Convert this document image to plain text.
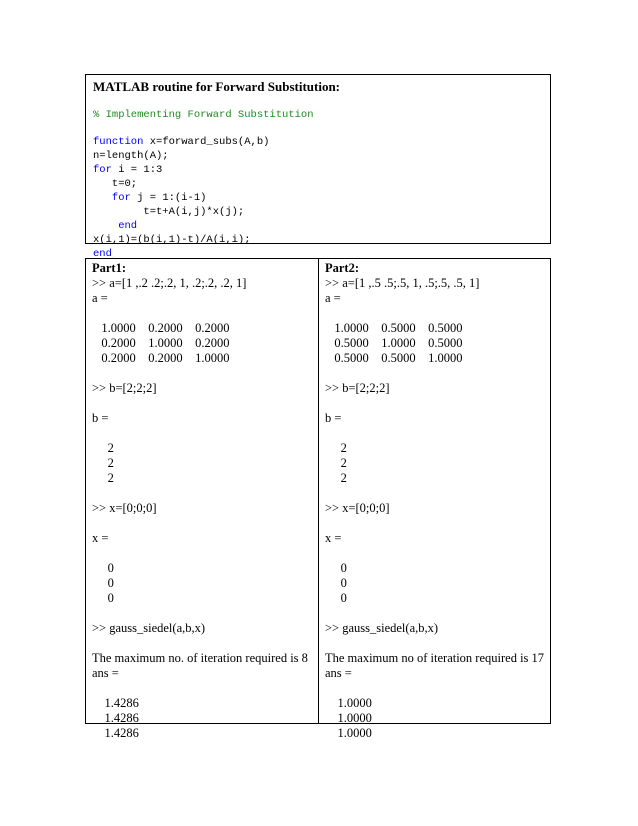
MATLAB routine for Forward Substitution:

% Implementing Forward Substitution
function x=forward_subs(A,b)
n=length(A);
for i = 1:3
t=0;
for j = 1:(i-1)
t=t+A(i,j)*x(j);
end
x(i,1)=(b(i,1)-t)/A(i,i);
end
Part1:
>> a=[1 ,.2 .2;.2, 1, .2;.2, .2, 1]
a =
1.0000    0.2000    0.2000
0.2000    1.0000    0.2000
0.2000    0.2000    1.0000
>> b=[2;2;2]
b =
2
2
2
>> x=[0;0;0]
x =
0
0
0
>> gauss_siedel(a,b,x)
The maximum no. of iteration required is 8
ans =
1.4286
1.4286
1.4286
Part2:
>> a=[1 ,.5 .5;.5, 1, .5;.5, .5, 1]
a =
1.0000    0.5000    0.5000
0.5000    1.0000    0.5000
0.5000    0.5000    1.0000
>> b=[2;2;2]
b =
2
2
2
>> x=[0;0;0]
x =
0
0
0
>> gauss_siedel(a,b,x)
The maximum no of iteration required is 17
ans =
1.0000
1.0000
1.0000
